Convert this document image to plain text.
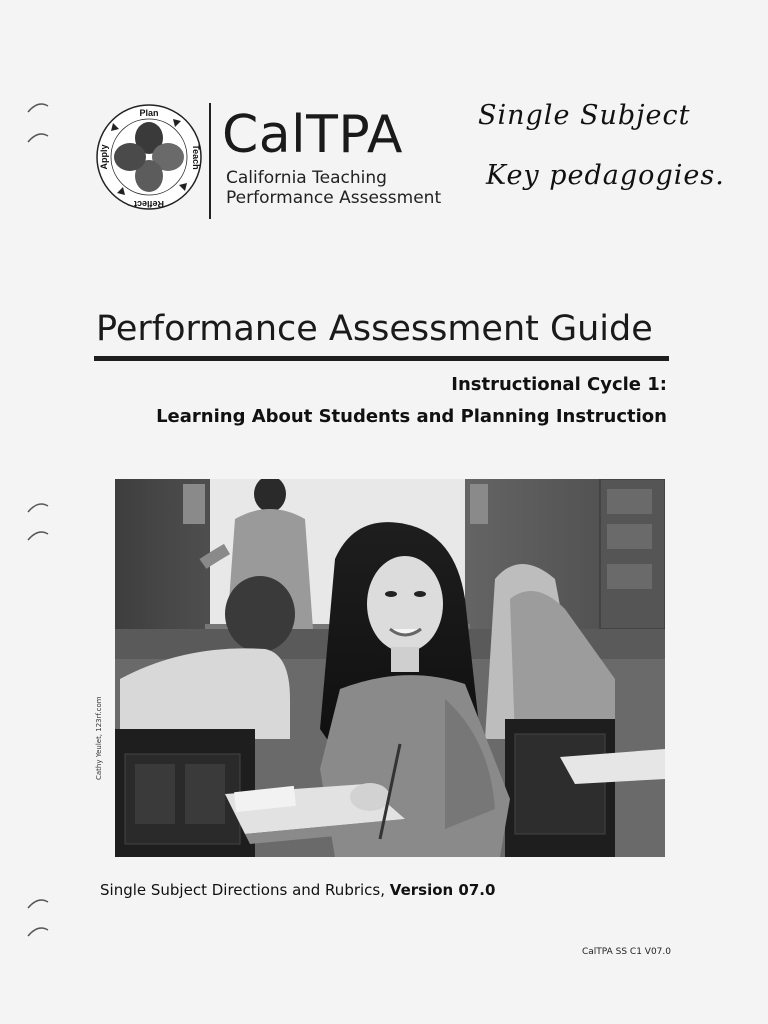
Plan
Teach
Reflect
Apply CalTPA
California Teaching
Performance Assessment
Single Subject
Key pedagogies.
Performance Assessment Guide
Instructional Cycle 1:
Learning About Students and Planning Instruction
Cathy Yeulet, 123rf.com
Single Subject Directions and Rubrics, Version 07.0
CalTPA SS C1 V07.0
